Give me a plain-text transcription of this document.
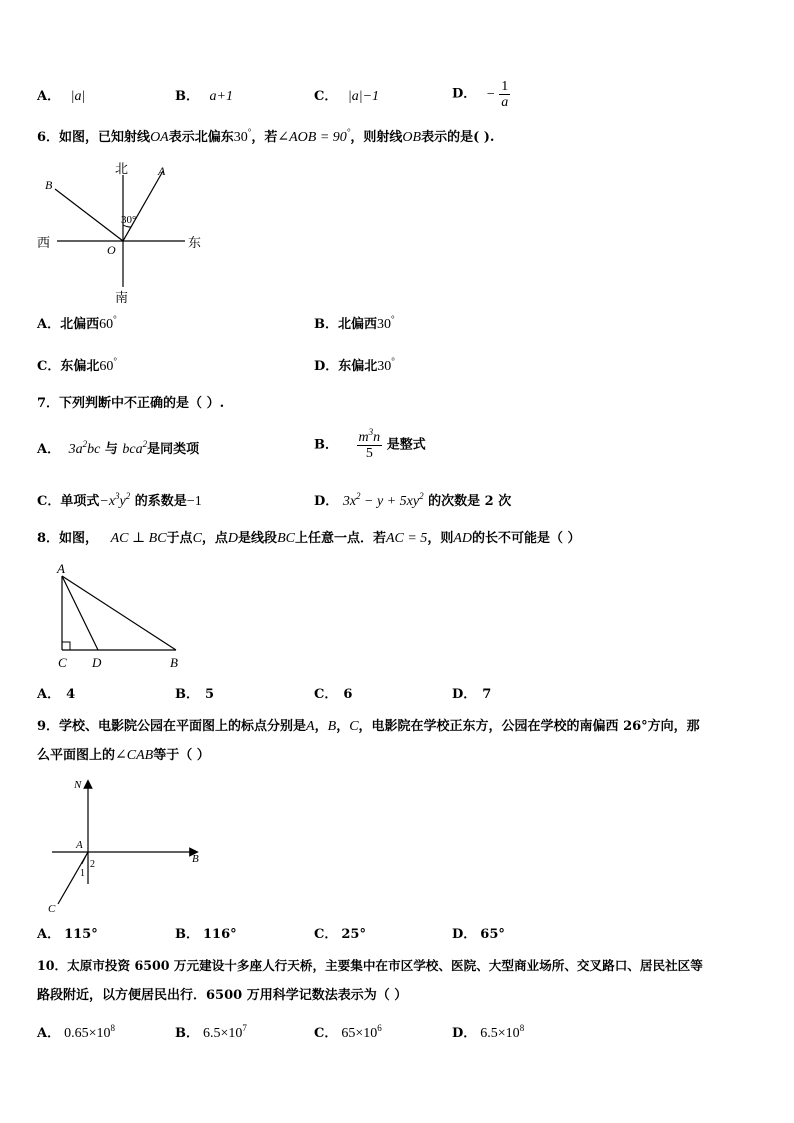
A． |a|	B． a+1	C． |a|−1	D． − $\frac{1}{a}$
6．如图，已知射线OA表示北偏东30°，若∠AOB = 90°，则射线OB表示的是( ).
北
南
西	东
A
B
O
30°
A．北偏西60°	B．北偏西30°
C．东偏北60°	D．东偏北30°
7．下列判断中不正确的是（ ）.
A． $3a^2bc$ 与 bca$^2$是同类项	B． $\frac{m^3n}{5}$ 是整式
C．单项式$-x^3y^2$ 的系数是−1	D． $3x^2 - y + 5xy^2$ 的次数是 2 次
8．如图， AC ⊥ BC于点C，点D是线段BC上任意一点．若AC = 5，则AD的长不可能是（ ）
A
C D	B
A． 4	B． 5	C． 6	D． 7
9．学校、电影院公园在平面图上的标点分别是A，B，C，电影院在学校正东方，公园在学校的南偏西 26°方向，那
么平面图上的∠CAB等于（ ）
N
A
B
C
1
2
A． 115°	B． 116°	C． 25°	D． 65°
10．太原市投资 6500 万元建设十多座人行天桥，主要集中在市区学校、医院、大型商业场所、交叉路口、居民社区等
路段附近，以方便居民出行．6500 万用科学记数法表示为（ ）
A． $0.65\times 10^8$	B． $6.5\times 10^7$	C． $65\times 10^6$	D． $6.5\times 10^8$
